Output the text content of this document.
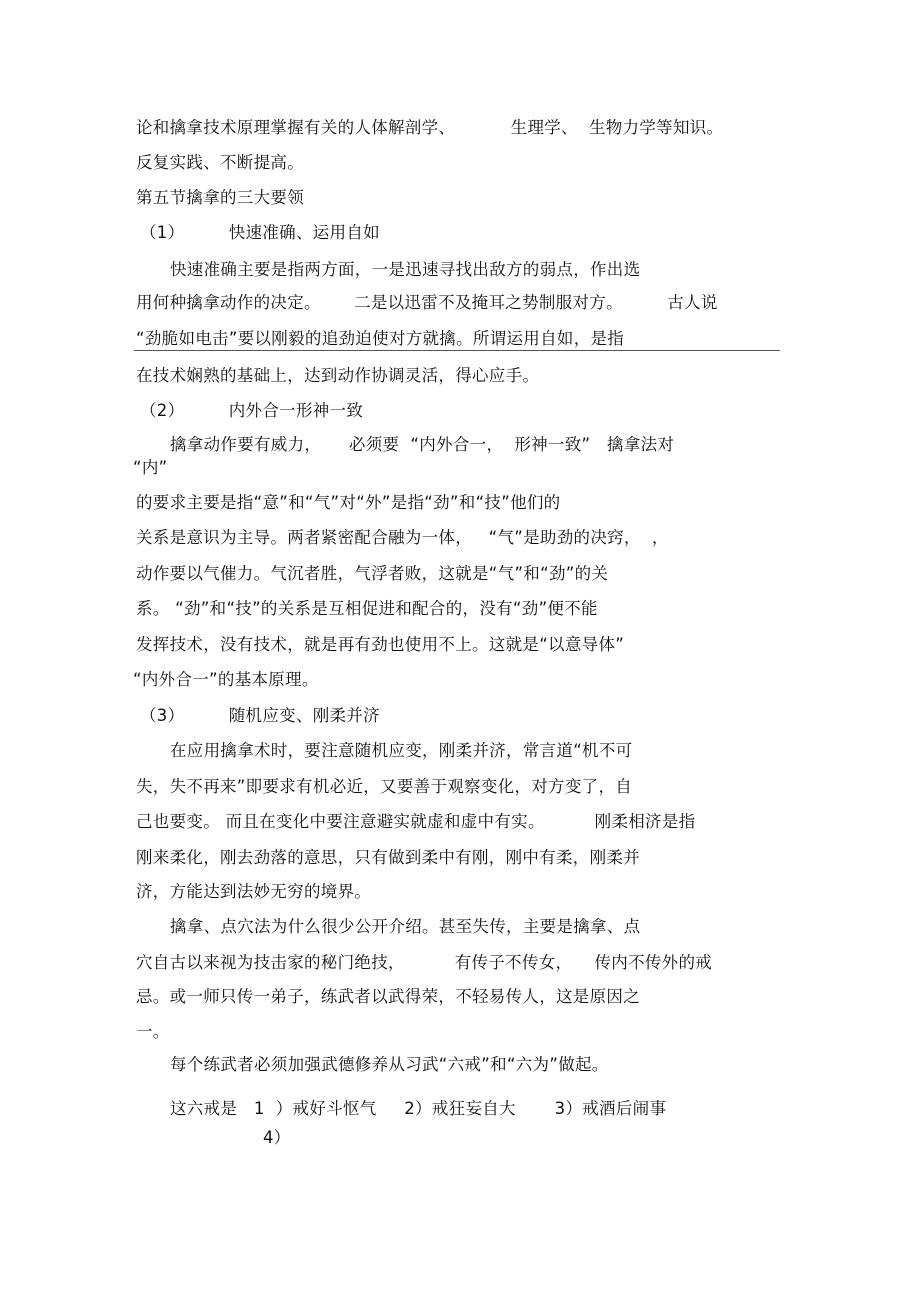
论和擒拿技术原理掌握有关的人体解剖学、          生理学、  生物力学等知识。
反复实践、不断提高。
第五节擒拿的三大要领
（1）        快速准确、运用自如
快速准确主要是指两方面，一是迅速寻找出敌方的弱点，作出选
用何种擒拿动作的决定。      二是以迅雷不及掩耳之势制服对方。        古人说
“劲脆如电击”要以刚毅的追劲迫使对方就擒。所谓运用自如，是指
在技术娴熟的基础上，达到动作协调灵活，得心应手。
（2）        内外合一形神一致
擒拿动作要有威力，     必须要  “内外合一，  形神一致”   擒拿法对
“内”
的要求主要是指“意”和“气”对“外”是指“劲”和“技”他们的
关系是意识为主导。两者紧密配合融为一体，   “气”是助劲的决窍，  ，
动作要以气催力。气沉者胜，气浮者败，这就是“气”和“劲”的关
系。 “劲”和“技”的关系是互相促进和配合的，没有“劲”便不能
发挥技术，没有技术，就是再有劲也使用不上。这就是“以意导体”
“内外合一”的基本原理。
（3）        随机应变、刚柔并济
在应用擒拿术时，要注意随机应变，刚柔并济，常言道“机不可
失，失不再来”即要求有机必近，又要善于观察变化，对方变了，自
己也要变。 而且在变化中要注意避实就虚和虚中有实。         刚柔相济是指
刚来柔化，刚去劲落的意思，只有做到柔中有刚，刚中有柔，刚柔并
济，方能达到法妙无穷的境界。
擒拿、点穴法为什么很少公开介绍。甚至失传，主要是擒拿、点
穴自古以来视为技击家的秘门绝技，         有传子不传女，    传内不传外的戒
忌。或一师只传一弟子，练武者以武得荣，不轻易传人，这是原因之
一。
每个练武者必须加强武德修养从习武“六戒”和“六为”做起。
这六戒是   1  ）戒好斗怄气     2）戒狂妄自大       3）戒酒后闹事
4）
